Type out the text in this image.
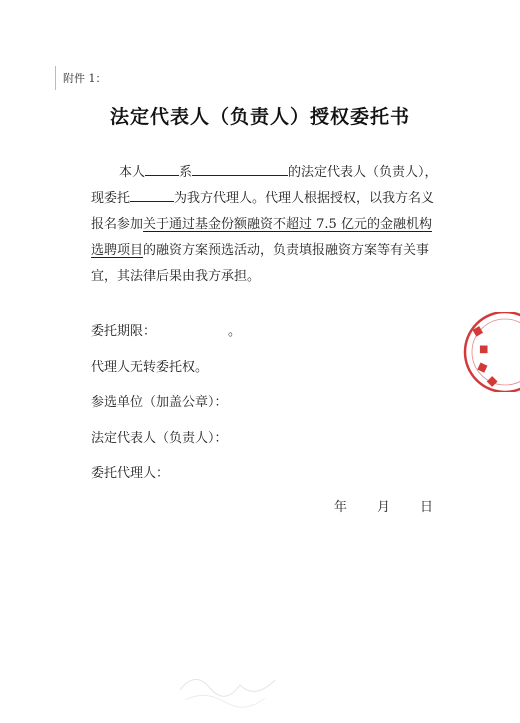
附件 1：
法定代表人（负责人）授权委托书
本人	系	的法定代表人（负责人），
现委托	为我方代理人。代理人根据授权，以我方名义
报名参加关于通过基金份额融资不超过 7.5 亿元的金融机构
选聘项目的融资方案预选活动，负责填报融资方案等有关事
宜，其法律后果由我方承担。
委托期限：	。
代理人无转委托权。
参选单位（加盖公章）：
法定代表人（负责人）：
委托代理人：
年 月 日
■
■
■
■
